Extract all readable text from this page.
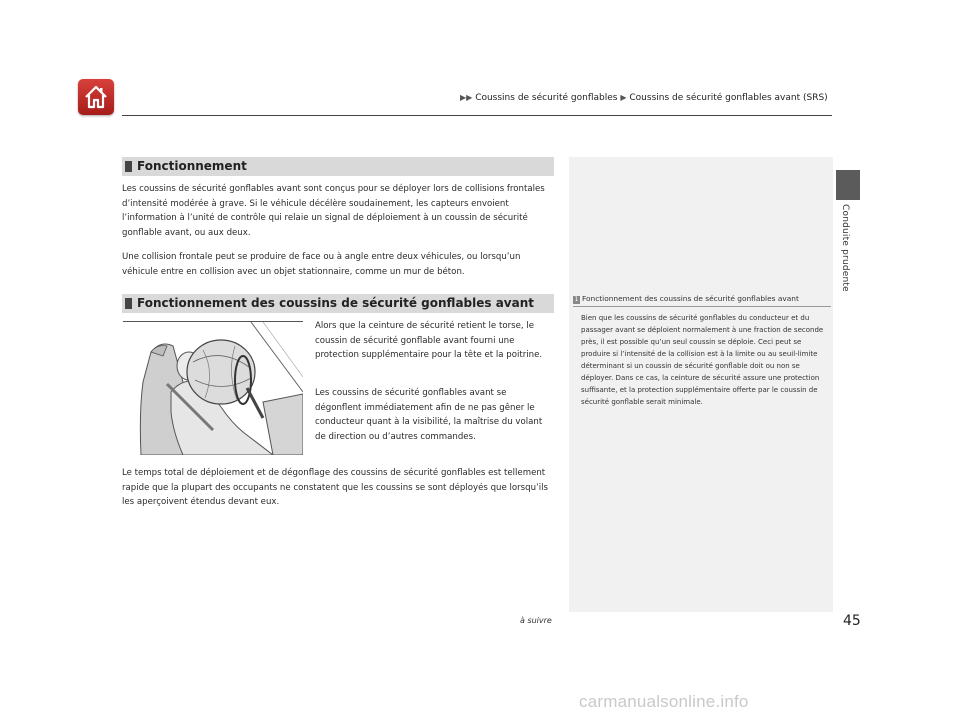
▶▶ Coussins de sécurité gonflables ▶ Coussins de sécurité gonflables avant (SRS)
Conduite prudente
Fonctionnement
Les coussins de sécurité gonflables avant sont conçus pour se déployer lors de collisions frontales d’intensité modérée à grave. Si le véhicule décélère soudainement, les capteurs envoient l’information à l’unité de contrôle qui relaie un signal de déploiement à un coussin de sécurité gonflable avant, ou aux deux.
Une collision frontale peut se produire de face ou à angle entre deux véhicules, ou lorsqu’un véhicule entre en collision avec un objet stationnaire, comme un mur de béton.
Fonctionnement des coussins de sécurité gonflables avant
Alors que la ceinture de sécurité retient le torse, le coussin de sécurité gonflable avant fourni une protection supplémentaire pour la tête et la poitrine.
Les coussins de sécurité gonflables avant se dégonflent immédiatement afin de ne pas gêner le conducteur quant à la visibilité, la maîtrise du volant de direction ou d’autres commandes.
Le temps total de déploiement et de dégonflage des coussins de sécurité gonflables est tellement rapide que la plupart des occupants ne constatent que les coussins se sont déployés que lorsqu’ils les aperçoivent étendus devant eux.
1 Fonctionnement des coussins de sécurité gonflables avant
Bien que les coussins de sécurité gonflables du conducteur et du passager avant se déploient normalement à une fraction de seconde près, il est possible qu’un seul coussin se déploie. Ceci peut se produire si l’intensité de la collision est à la limite ou au seuil-limite déterminant si un coussin de sécurité gonflable doit ou non se déployer. Dans ce cas, la ceinture de sécurité assure une protection suffisante, et la protection supplémentaire offerte par le coussin de sécurité gonflable serait minimale.
à suivre	45
carmanualsonline.info
